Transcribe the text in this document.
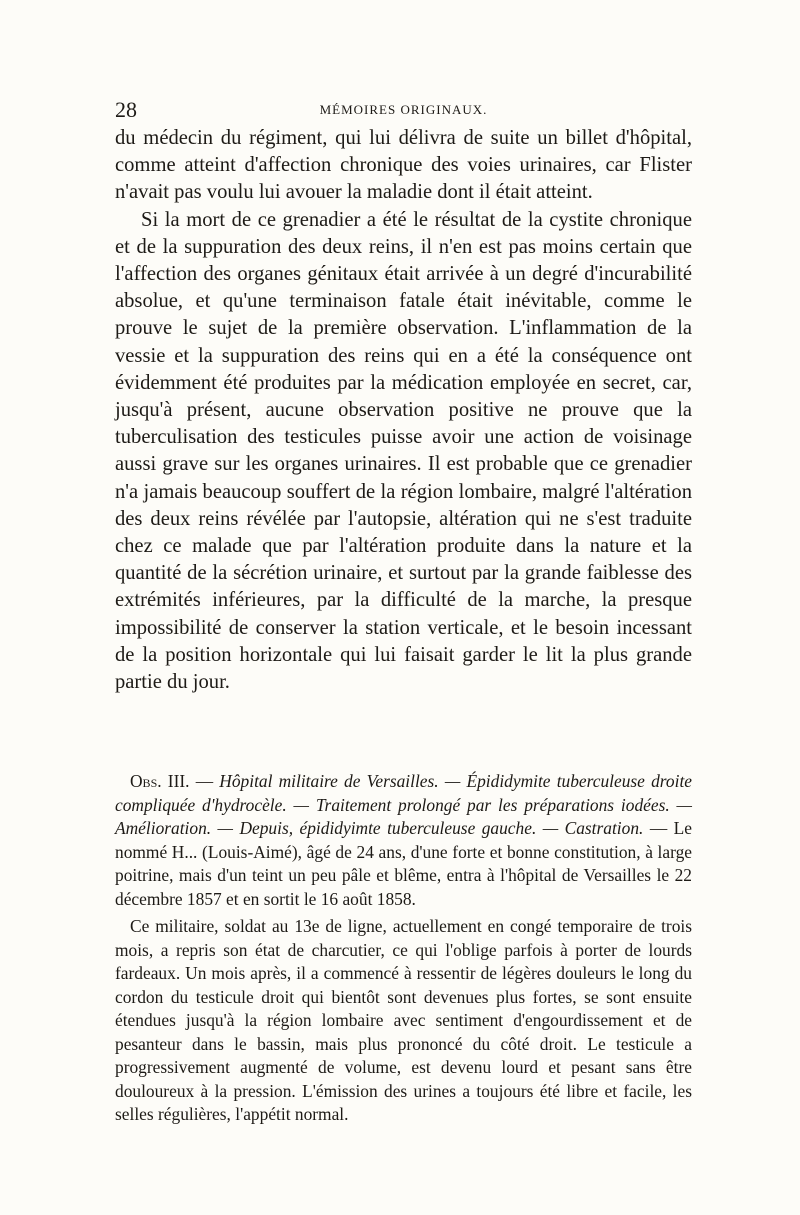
28	MÉMOIRES ORIGINAUX.

du médecin du régiment, qui lui délivra de suite un billet d'hôpital, comme atteint d'affection chronique des voies urinaires, car Flister n'avait pas voulu lui avouer la maladie dont il était atteint.

Si la mort de ce grenadier a été le résultat de la cystite chronique et de la suppuration des deux reins, il n'en est pas moins certain que l'affection des organes génitaux était arrivée à un degré d'incurabilité absolue, et qu'une terminaison fatale était inévitable, comme le prouve le sujet de la première observation. L'inflammation de la vessie et la suppuration des reins qui en a été la conséquence ont évidemment été produites par la médication employée en secret, car, jusqu'à présent, aucune observation positive ne prouve que la tuberculisation des testicules puisse avoir une action de voisinage aussi grave sur les organes urinaires. Il est probable que ce grenadier n'a jamais beaucoup souffert de la région lombaire, malgré l'altération des deux reins révélée par l'autopsie, altération qui ne s'est traduite chez ce malade que par l'altération produite dans la nature et la quantité de la sécrétion urinaire, et surtout par la grande faiblesse des extrémités inférieures, par la difficulté de la marche, la presque impossibilité de conserver la station verticale, et le besoin incessant de la position horizontale qui lui faisait garder le lit la plus grande partie du jour.

Obs. III. — Hôpital militaire de Versailles. — Épididymite tuberculeuse droite compliquée d'hydrocèle. — Traitement prolongé par les préparations iodées. — Amélioration. — Depuis, épididyimte tuberculeuse gauche. — Castration. — Le nommé H... (Louis-Aimé), âgé de 24 ans, d'une forte et bonne constitution, à large poitrine, mais d'un teint un peu pâle et blême, entra à l'hôpital de Versailles le 22 décembre 1857 et en sortit le 16 août 1858.

Ce militaire, soldat au 13e de ligne, actuellement en congé temporaire de trois mois, a repris son état de charcutier, ce qui l'oblige parfois à porter de lourds fardeaux. Un mois après, il a commencé à ressentir de légères douleurs le long du cordon du testicule droit qui bientôt sont devenues plus fortes, se sont ensuite étendues jusqu'à la région lombaire avec sentiment d'engourdissement et de pesanteur dans le bassin, mais plus prononcé du côté droit. Le testicule a progressivement augmenté de volume, est devenu lourd et pesant sans être douloureux à la pression. L'émission des urines a toujours été libre et facile, les selles régulières, l'appétit normal.
